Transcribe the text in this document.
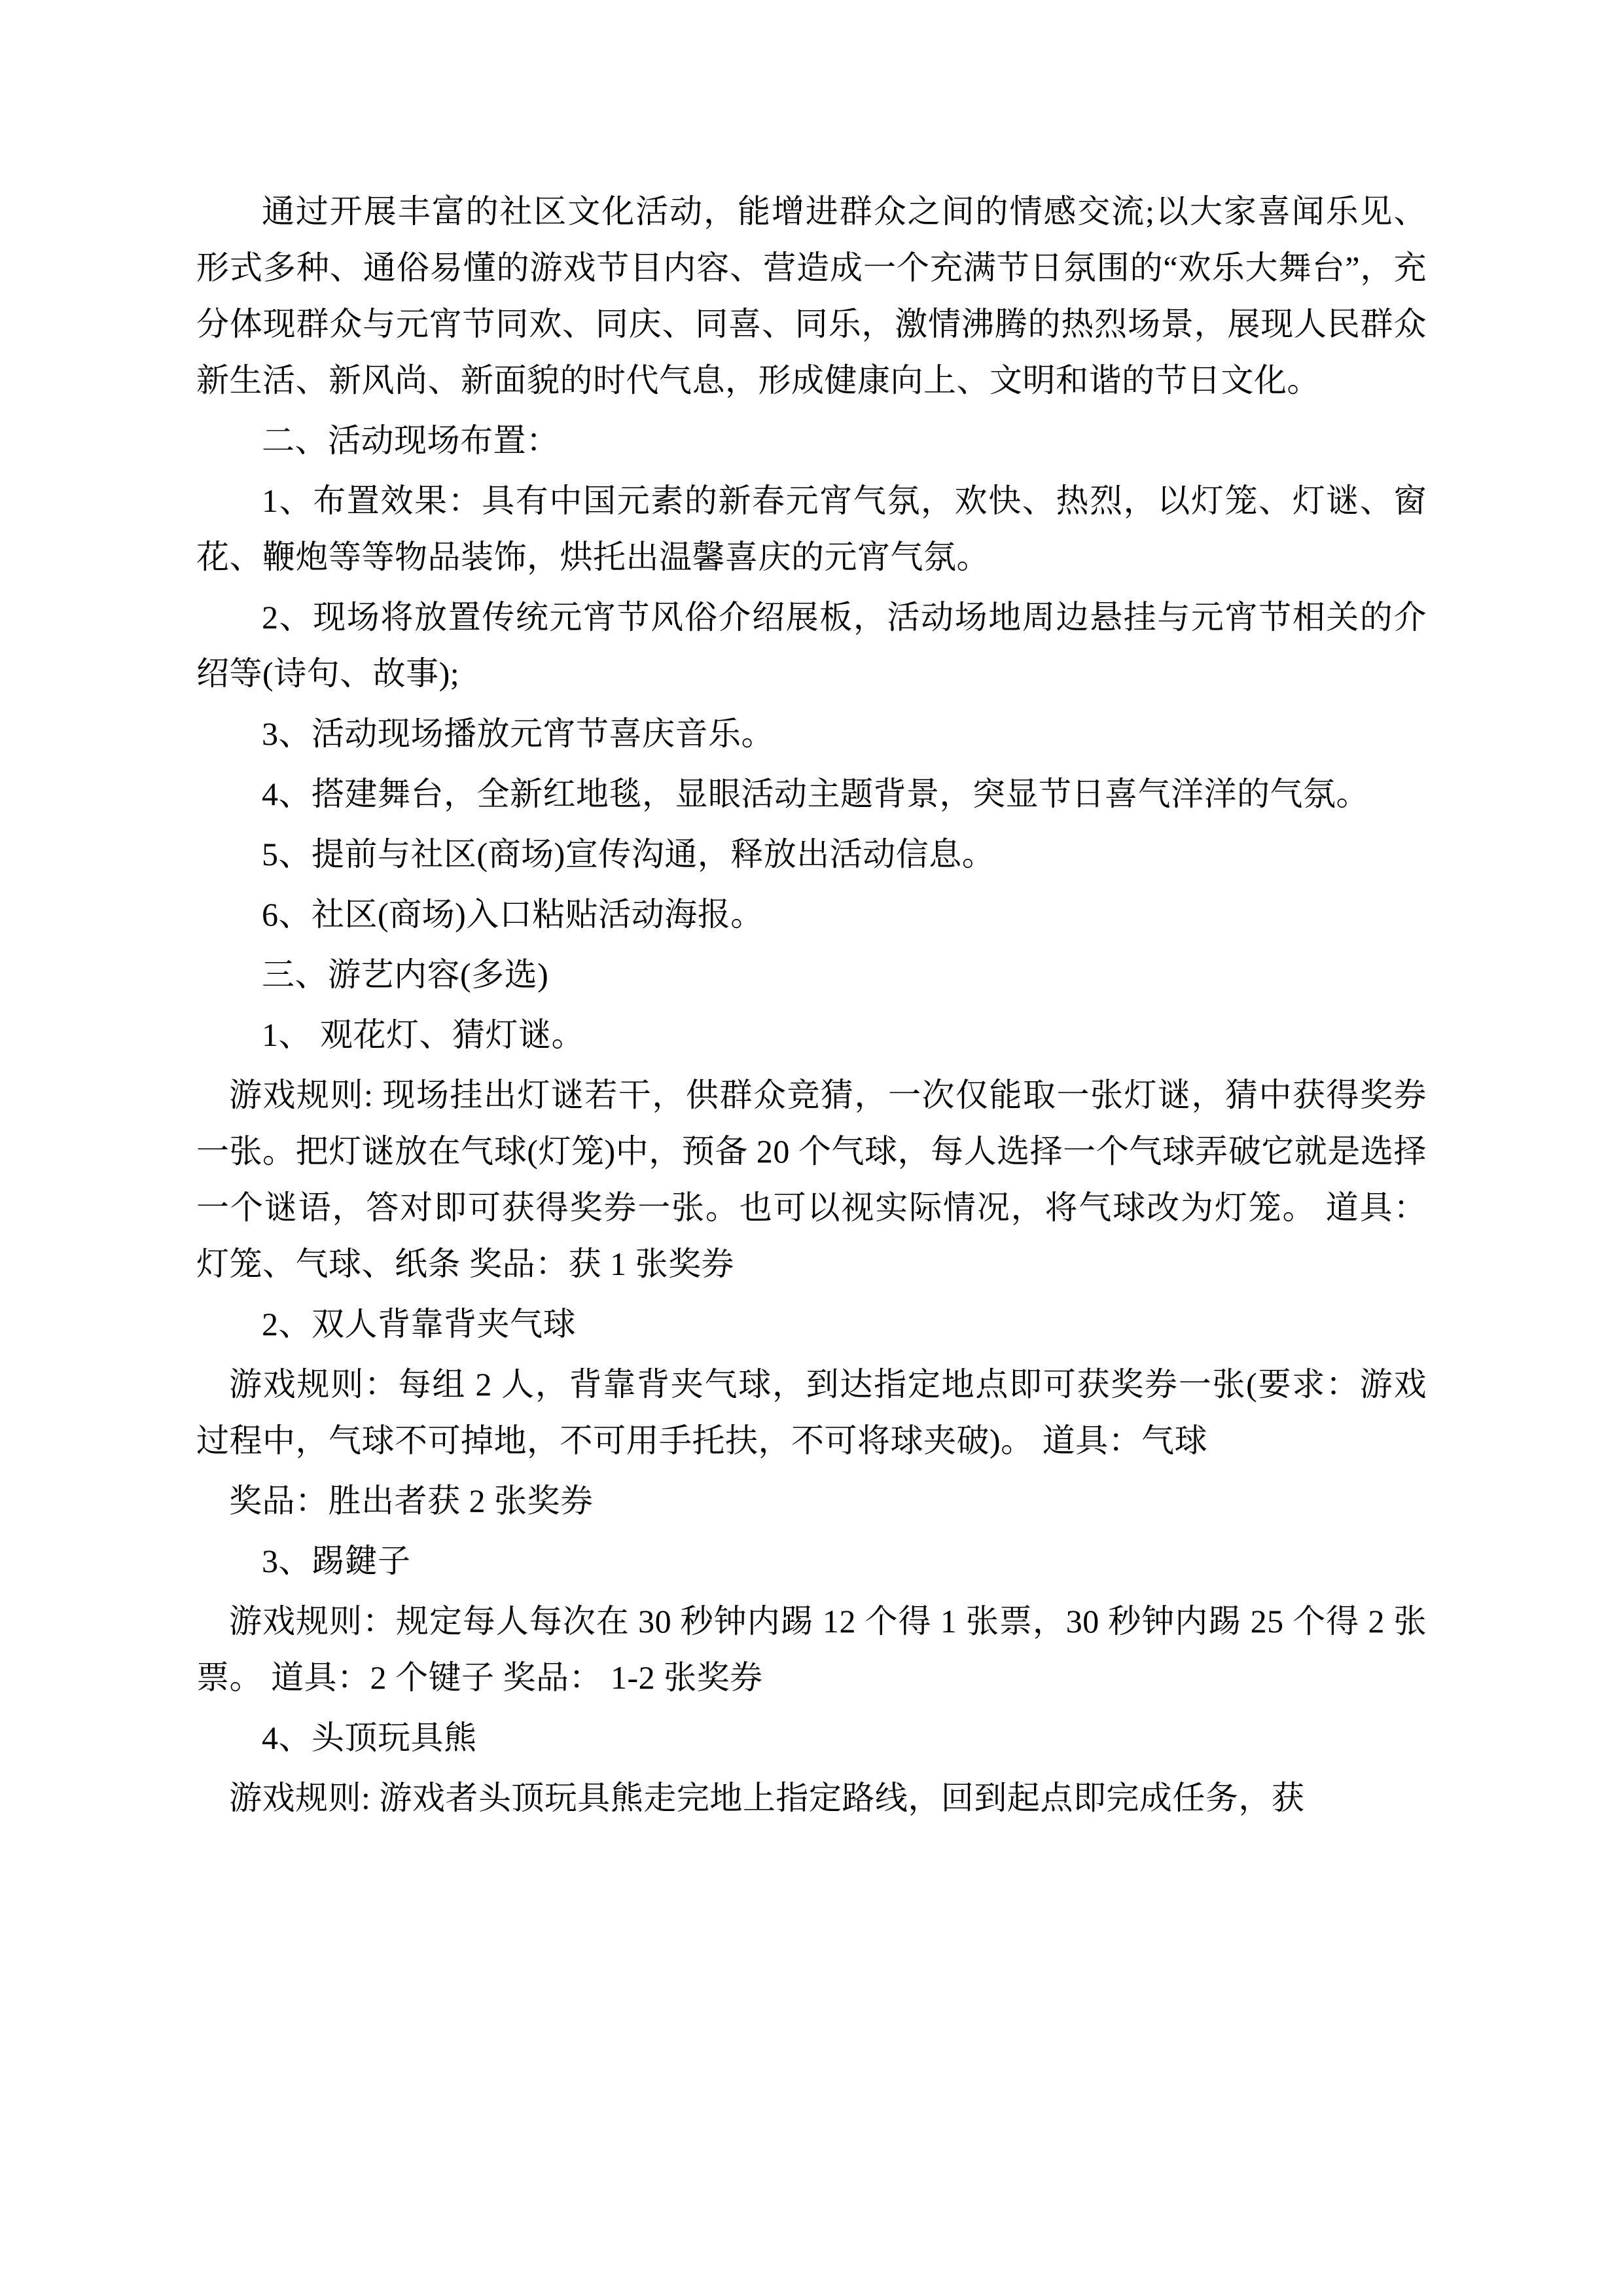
通过开展丰富的社区文化活动，能增进群众之间的情感交流;以大家喜闻乐见、形式多种、通俗易懂的游戏节目内容、营造成一个充满节日氛围的“欢乐大舞台”，充分体现群众与元宵节同欢、同庆、同喜、同乐，激情沸腾的热烈场景，展现人民群众新生活、新风尚、新面貌的时代气息，形成健康向上、文明和谐的节日文化。

二、活动现场布置：

1、布置效果：具有中国元素的新春元宵气氛，欢快、热烈，以灯笼、灯谜、窗花、鞭炮等等物品装饰，烘托出温馨喜庆的元宵气氛。

2、现场将放置传统元宵节风俗介绍展板，活动场地周边悬挂与元宵节相关的介绍等(诗句、故事);

3、活动现场播放元宵节喜庆音乐。

4、搭建舞台，全新红地毯，显眼活动主题背景，突显节日喜气洋洋的气氛。

5、提前与社区(商场)宣传沟通，释放出活动信息。

6、社区(商场)入口粘贴活动海报。

三、游艺内容(多选)

1、 观花灯、猜灯谜。

游戏规则: 现场挂出灯谜若干，供群众竞猜，一次仅能取一张灯谜，猜中获得奖券一张。把灯谜放在气球(灯笼)中，预备 20 个气球，每人选择一个气球弄破它就是选择一个谜语，答对即可获得奖券一张。也可以视实际情况，将气球改为灯笼。 道具：灯笼、气球、纸条 奖品：获 1 张奖券

2、双人背靠背夹气球

游戏规则：每组 2 人，背靠背夹气球，到达指定地点即可获奖券一张(要求：游戏过程中，气球不可掉地，不可用手托扶，不可将球夹破)。 道具：气球

奖品：胜出者获 2 张奖券

3、踢鍵子

游戏规则：规定每人每次在 30 秒钟内踢 12 个得 1 张票，30 秒钟内踢 25 个得 2 张票。 道具：2 个键子 奖品： 1-2 张奖券

4、头顶玩具熊

游戏规则: 游戏者头顶玩具熊走完地上指定路线，回到起点即完成任务，获
